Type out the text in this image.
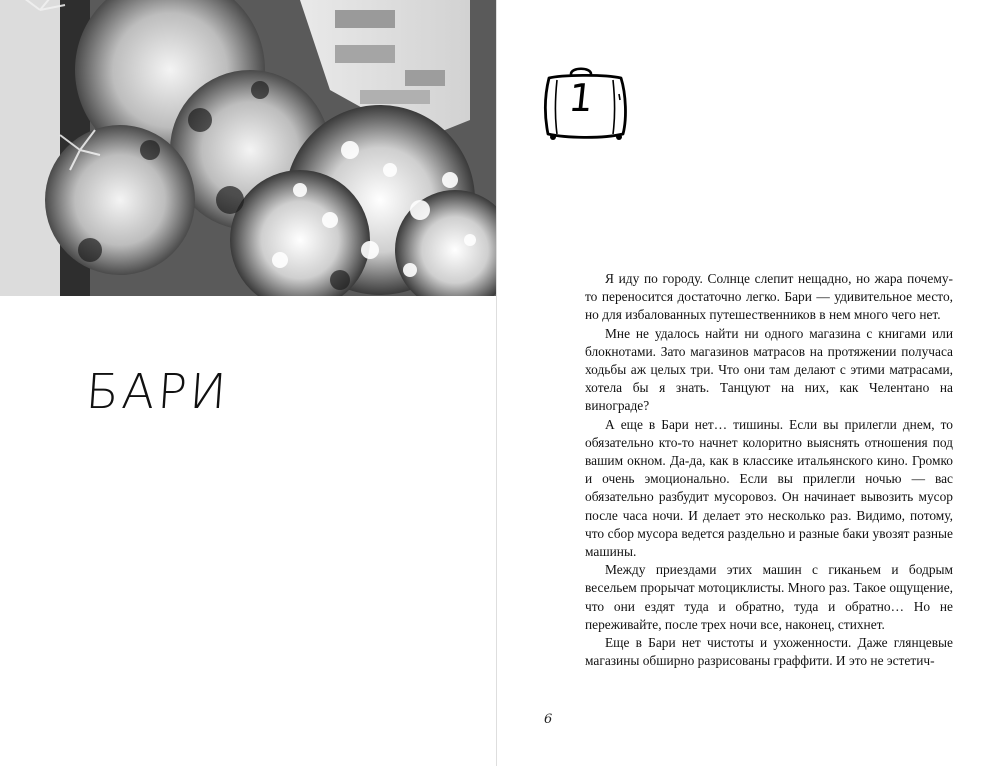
БАРИ
1

Я иду по городу. Солнце слепит нещадно, но жара почему-то переносится достаточно легко. Бари — удивительное место, но для избалованных путешественников в нем много чего нет.

Мне не удалось найти ни одного магазина с книгами или блокнотами. Зато магазинов матрасов на протяжении получаса ходьбы аж целых три. Что они там делают с этими матрасами, хотела бы я знать. Танцуют на них, как Челентано на винограде?

А еще в Бари нет… тишины. Если вы прилегли днем, то обязательно кто-то начнет колоритно выяснять отношения под вашим окном. Да-да, как в классике итальянского кино. Громко и очень эмоционально. Если вы прилегли ночью — вас обязательно разбудит мусоровоз. Он начинает вывозить мусор после часа ночи. И делает это несколько раз. Видимо, потому, что сбор мусора ведется раздельно и разные баки увозят разные машины.

Между приездами этих машин с гиканьем и бодрым весельем прорычат мотоциклисты. Много раз. Такое ощущение, что они ездят туда и обратно, туда и обратно… Но не переживайте, после трех ночи все, наконец, стихнет.

Еще в Бари нет чистоты и ухоженности. Даже глянцевые магазины обширно разрисованы граффити. И это не эстетич-

6
